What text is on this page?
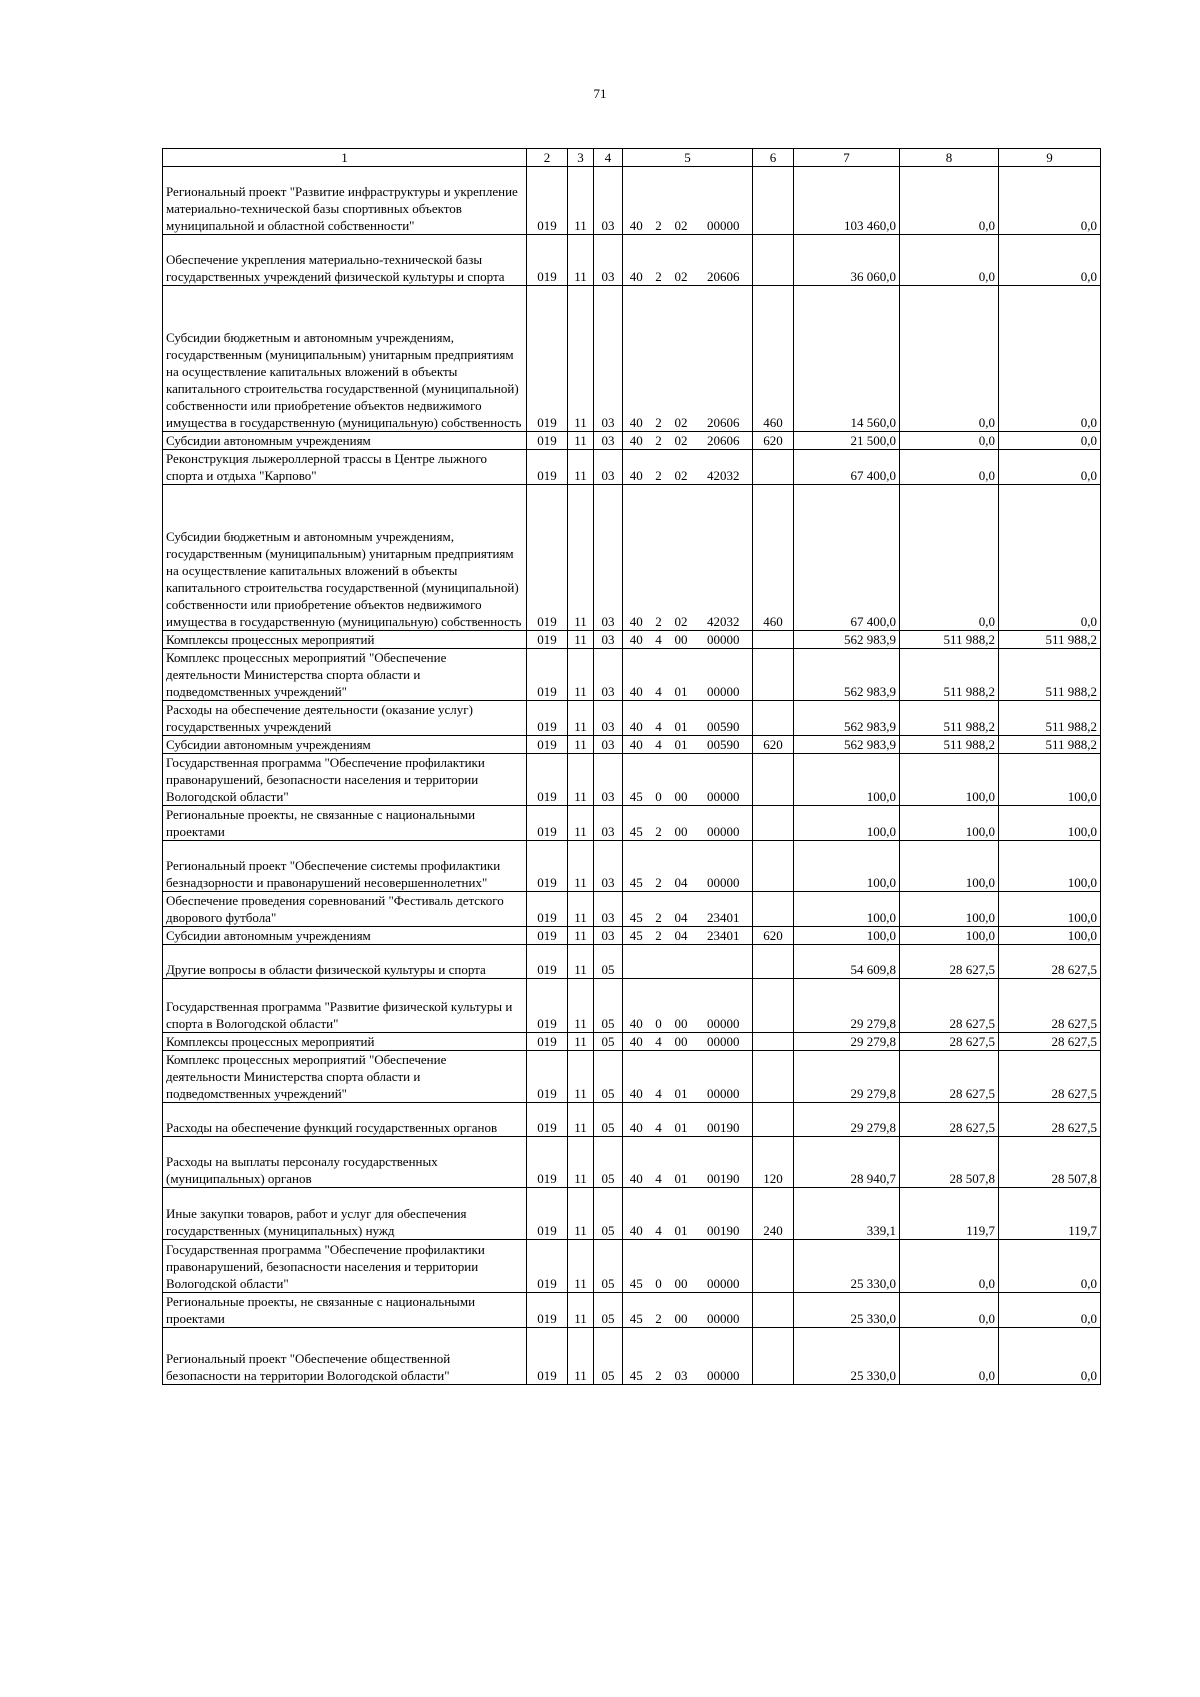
71
1	2	3	4	5				6	7	8	9
Региональный проект "Развитие инфраструктуры и укрепление материально-технической базы спортивных объектов муниципальной и областной собственности"	019	11	03	40	2	02	00000		103 460,0	0,0	0,0
Обеспечение укрепления материально-технической базы государственных учреждений физической культуры и спорта	019	11	03	40	2	02	20606		36 060,0	0,0	0,0
Субсидии бюджетным и автономным учреждениям, государственным (муниципальным) унитарным предприятиям на осуществление капитальных вложений в объекты капитального строительства государственной (муниципальной) собственности или приобретение объектов недвижимого имущества в государственную (муниципальную) собственность	019	11	03	40	2	02	20606	460	14 560,0	0,0	0,0
Субсидии автономным учреждениям	019	11	03	40	2	02	20606	620	21 500,0	0,0	0,0
Реконструкция лыжероллерной трассы в Центре лыжного спорта и отдыха "Карпово"	019	11	03	40	2	02	42032		67 400,0	0,0	0,0
Субсидии бюджетным и автономным учреждениям, государственным (муниципальным) унитарным предприятиям на осуществление капитальных вложений в объекты капитального строительства государственной (муниципальной) собственности или приобретение объектов недвижимого имущества в государственную (муниципальную) собственность	019	11	03	40	2	02	42032	460	67 400,0	0,0	0,0
Комплексы процессных мероприятий	019	11	03	40	4	00	00000		562 983,9	511 988,2	511 988,2
Комплекс процессных мероприятий "Обеспечение деятельности Министерства спорта области и подведомственных учреждений"	019	11	03	40	4	01	00000		562 983,9	511 988,2	511 988,2
Расходы на обеспечение деятельности (оказание услуг) государственных учреждений	019	11	03	40	4	01	00590		562 983,9	511 988,2	511 988,2
Субсидии автономным учреждениям	019	11	03	40	4	01	00590	620	562 983,9	511 988,2	511 988,2
Государственная программа "Обеспечение профилактики правонарушений, безопасности населения и территории Вологодской области"	019	11	03	45	0	00	00000		100,0	100,0	100,0
Региональные проекты, не связанные с национальными проектами	019	11	03	45	2	00	00000		100,0	100,0	100,0
Региональный проект "Обеспечение системы профилактики безнадзорности и правонарушений несовершеннолетних"	019	11	03	45	2	04	00000		100,0	100,0	100,0
Обеспечение проведения соревнований "Фестиваль детского дворового футбола"	019	11	03	45	2	04	23401		100,0	100,0	100,0
Субсидии автономным учреждениям	019	11	03	45	2	04	23401	620	100,0	100,0	100,0
Другие вопросы в области физической культуры и спорта	019	11	05						54 609,8	28 627,5	28 627,5
Государственная программа "Развитие физической культуры и спорта в Вологодской области"	019	11	05	40	0	00	00000		29 279,8	28 627,5	28 627,5
Комплексы процессных мероприятий	019	11	05	40	4	00	00000		29 279,8	28 627,5	28 627,5
Комплекс процессных мероприятий "Обеспечение деятельности Министерства спорта области и подведомственных учреждений"	019	11	05	40	4	01	00000		29 279,8	28 627,5	28 627,5
Расходы на обеспечение функций государственных органов	019	11	05	40	4	01	00190		29 279,8	28 627,5	28 627,5
Расходы на выплаты персоналу государственных (муниципальных) органов	019	11	05	40	4	01	00190	120	28 940,7	28 507,8	28 507,8
Иные закупки товаров, работ и услуг для обеспечения государственных (муниципальных) нужд	019	11	05	40	4	01	00190	240	339,1	119,7	119,7
Государственная программа "Обеспечение профилактики правонарушений, безопасности населения и территории Вологодской области"	019	11	05	45	0	00	00000		25 330,0	0,0	0,0
Региональные проекты, не связанные с национальными проектами	019	11	05	45	2	00	00000		25 330,0	0,0	0,0
Региональный проект "Обеспечение общественной безопасности на территории Вологодской области"	019	11	05	45	2	03	00000		25 330,0	0,0	0,0
